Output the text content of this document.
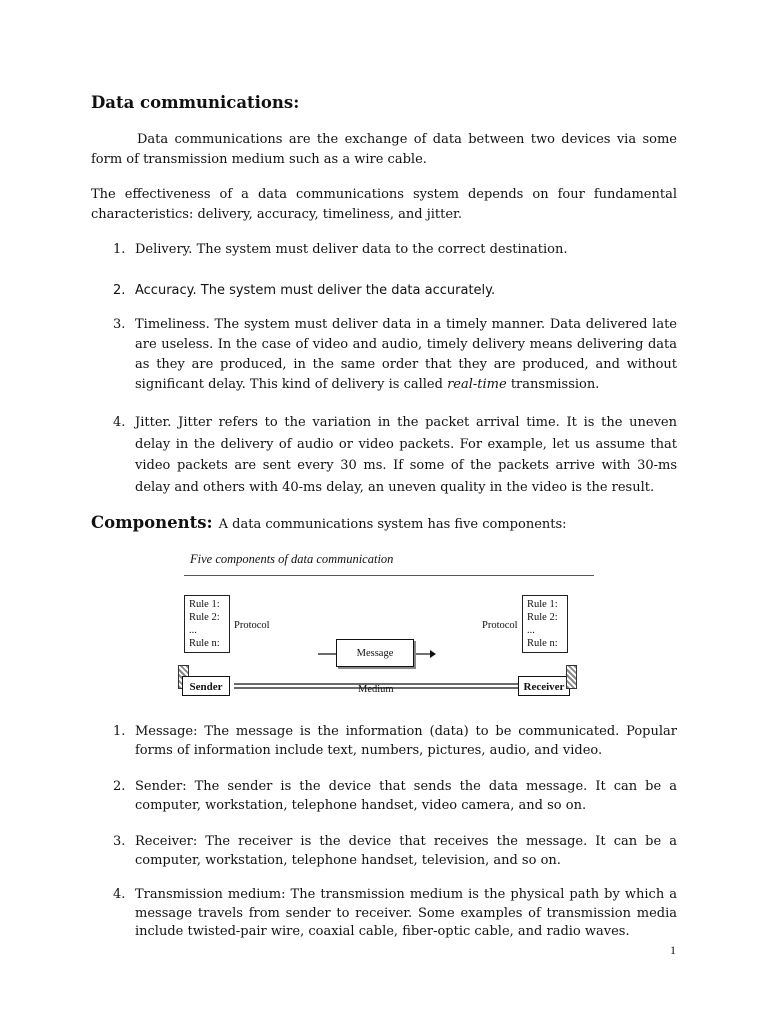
Data communications:

Data communications are the exchange of data between two devices via some form of transmission medium such as a wire cable.

The effectiveness of a data communications system depends on four fundamental characteristics: delivery, accuracy, timeliness, and jitter.

1. Delivery. The system must deliver data to the correct destination.
2. Accuracy. The system must deliver the data accurately.
3. Timeliness. The system must deliver data in a timely manner. Data delivered late are useless. In the case of video and audio, timely delivery means delivering data as they are produced, in the same order that they are produced, and without significant delay. This kind of delivery is called real-time transmission.
4. Jitter. Jitter refers to the variation in the packet arrival time. It is the uneven delay in the delivery of audio or video packets. For example, let us assume that video packets are sent every 30 ms. If some of the packets arrive with 30-ms delay and others with 40-ms delay, an uneven quality in the video is the result.

Components: A data communications system has five components:

Five components of data communication
Rule 1:
Rule 2:
...
Rule n:
Protocol
Rule 1:
Rule 2:
...
Rule n:
Protocol
Message
Sender	Receiver
Medium
1. Message: The message is the information (data) to be communicated. Popular forms of information include text, numbers, pictures, audio, and video.
2. Sender: The sender is the device that sends the data message. It can be a computer, workstation, telephone handset, video camera, and so on.
3. Receiver: The receiver is the device that receives the message. It can be a computer, workstation, telephone handset, television, and so on.
4. Transmission medium: The transmission medium is the physical path by which a message travels from sender to receiver. Some examples of transmission media include twisted-pair wire, coaxial cable, fiber-optic cable, and radio waves.
1
